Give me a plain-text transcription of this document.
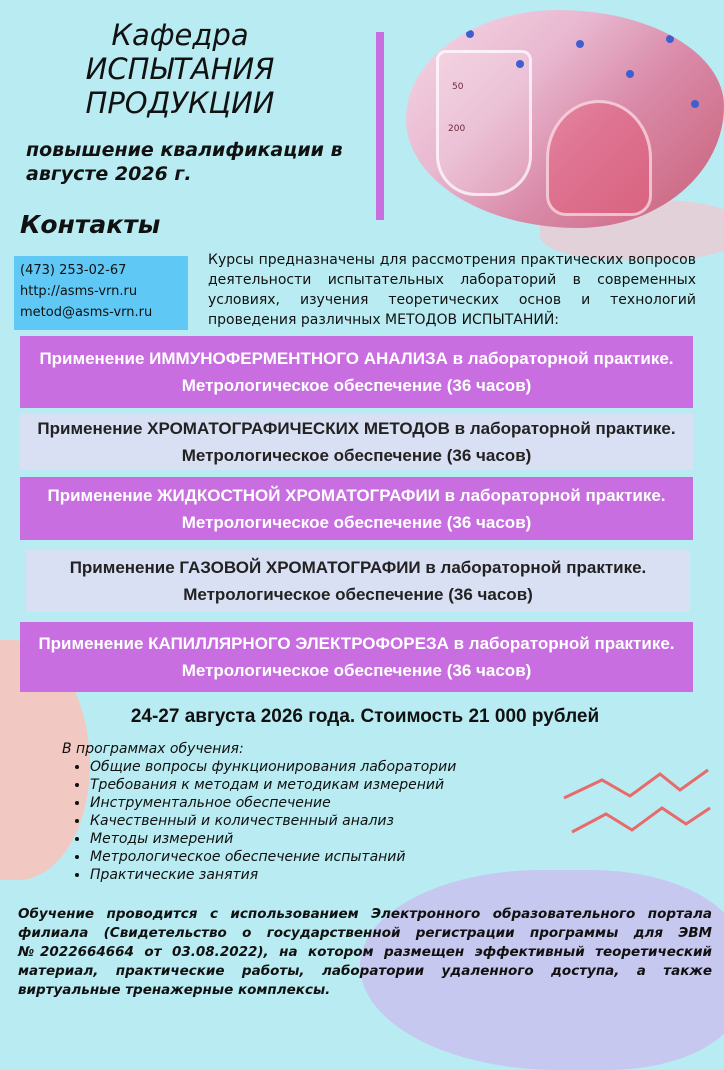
Кафедра ИСПЫТАНИЯ ПРОДУКЦИИ
повышение квалификации в августе 2026 г.
50
200
Контакты
(473) 253-02-67
http://asms-vrn.ru
metod@asms-vrn.ru
Курсы предназначены для рассмотрения практических вопросов деятельности испытательных лабораторий в современных условиях, изучения теоретических основ и технологий проведения различных МЕТОДОВ ИСПЫТАНИЙ:
Применение ИММУНОФЕРМЕНТНОГО АНАЛИЗА в лабораторной практике. Метрологическое обеспечение (36 часов)
Применение ХРОМАТОГРАФИЧЕСКИХ МЕТОДОВ в лабораторной практике. Метрологическое обеспечение (36 часов)
Применение ЖИДКОСТНОЙ ХРОМАТОГРАФИИ в лабораторной практике. Метрологическое обеспечение (36 часов)
Применение ГАЗОВОЙ ХРОМАТОГРАФИИ в лабораторной практике. Метрологическое обеспечение (36 часов)
Применение КАПИЛЛЯРНОГО ЭЛЕКТРОФОРЕЗА в лабораторной практике. Метрологическое обеспечение (36 часов)
24-27 августа 2026 года. Стоимость 21 000 рублей
В программах обучения:
• Общие вопросы функционирования лаборатории
• Требования к методам и методикам измерений
• Инструментальное обеспечение
• Качественный и количественный анализ
• Методы измерений
• Метрологическое обеспечение испытаний
• Практические занятия
Обучение проводится с использованием Электронного образовательного портала филиала (Свидетельство о государственной регистрации программы для ЭВМ №2022664664 от 03.08.2022), на котором размещен эффективный теоретический материал, практические работы, лаборатории удаленного доступа, а также виртуальные тренажерные комплексы.
